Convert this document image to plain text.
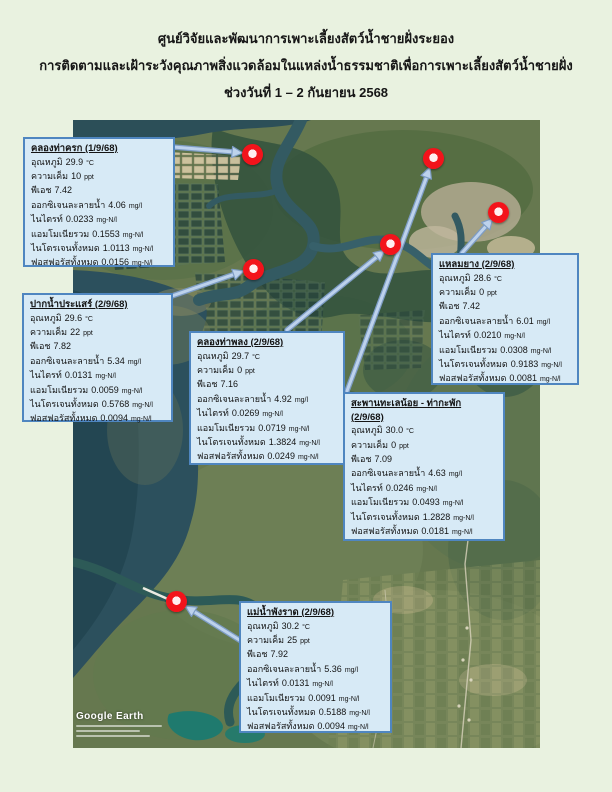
ศูนย์วิจัยและพัฒนาการเพาะเลี้ยงสัตว์น้ำชายฝั่งระยอง
การติดตามและเฝ้าระวังคุณภาพสิ่งแวดล้อมในแหล่งน้ำธรรมชาติเพื่อการเพาะเลี้ยงสัตว์น้ำชายฝั่ง
ช่วงวันที่ 1 – 2 กันยายน 2568
Google Earth
คลองท่าครก (1/9/68)
อุณหภูมิ 29.9 °C
ความเค็ม 10 ppt
พีเอช 7.42
ออกซิเจนละลายน้ำ 4.06 mg/l
ไนไตรท์ 0.0233 mg-N/l
แอมโมเนียรวม 0.1553 mg-N/l
ไนโตรเจนทั้งหมด 1.0113 mg-N/l
ฟอสฟอรัสทั้งหมด 0.0156 mg-N/l
ปากน้ำประแสร์ (2/9/68)
อุณหภูมิ 29.6 °C
ความเค็ม 22 ppt
พีเอช 7.82
ออกซิเจนละลายน้ำ 5.34 mg/l
ไนไตรท์ 0.0131 mg-N/l
แอมโมเนียรวม 0.0059 mg-N/l
ไนโตรเจนทั้งหมด 0.5768 mg-N/l
ฟอสฟอรัสทั้งหมด 0.0094 mg-N/l
คลองท่าพลง (2/9/68)
อุณหภูมิ 29.7 °C
ความเค็ม 0 ppt
พีเอช 7.16
ออกซิเจนละลายน้ำ 4.92 mg/l
ไนไตรท์ 0.0269 mg-N/l
แอมโมเนียรวม 0.0719 mg-N/l
ไนโตรเจนทั้งหมด 1.3824 mg-N/l
ฟอสฟอรัสทั้งหมด 0.0249 mg-N/l
แหลมยาง (2/9/68)
อุณหภูมิ 28.6 °C
ความเค็ม 0 ppt
พีเอช 7.42
ออกซิเจนละลายน้ำ 6.01 mg/l
ไนไตรท์ 0.0210 mg-N/l
แอมโมเนียรวม 0.0308 mg-N/l
ไนโตรเจนทั้งหมด 0.9183 mg-N/l
ฟอสฟอรัสทั้งหมด 0.0081 mg-N/l
สะพานทะเลน้อย - ท่ากะพัก
(2/9/68)
อุณหภูมิ 30.0 °C
ความเค็ม 0 ppt
พีเอช 7.09
ออกซิเจนละลายน้ำ 4.63 mg/l
ไนไตรท์ 0.0246 mg-N/l
แอมโมเนียรวม 0.0493 mg-N/l
ไนโตรเจนทั้งหมด 1.2828 mg-N/l
ฟอสฟอรัสทั้งหมด 0.0181 mg-N/l
แม่น้ำพังราด (2/9/68)
อุณหภูมิ 30.2 °C
ความเค็ม 25 ppt
พีเอช 7.92
ออกซิเจนละลายน้ำ 5.36 mg/l
ไนไตรท์ 0.0131 mg-N/l
แอมโมเนียรวม 0.0091 mg-N/l
ไนโตรเจนทั้งหมด 0.5188 mg-N/l
ฟอสฟอรัสทั้งหมด 0.0094 mg-N/l
